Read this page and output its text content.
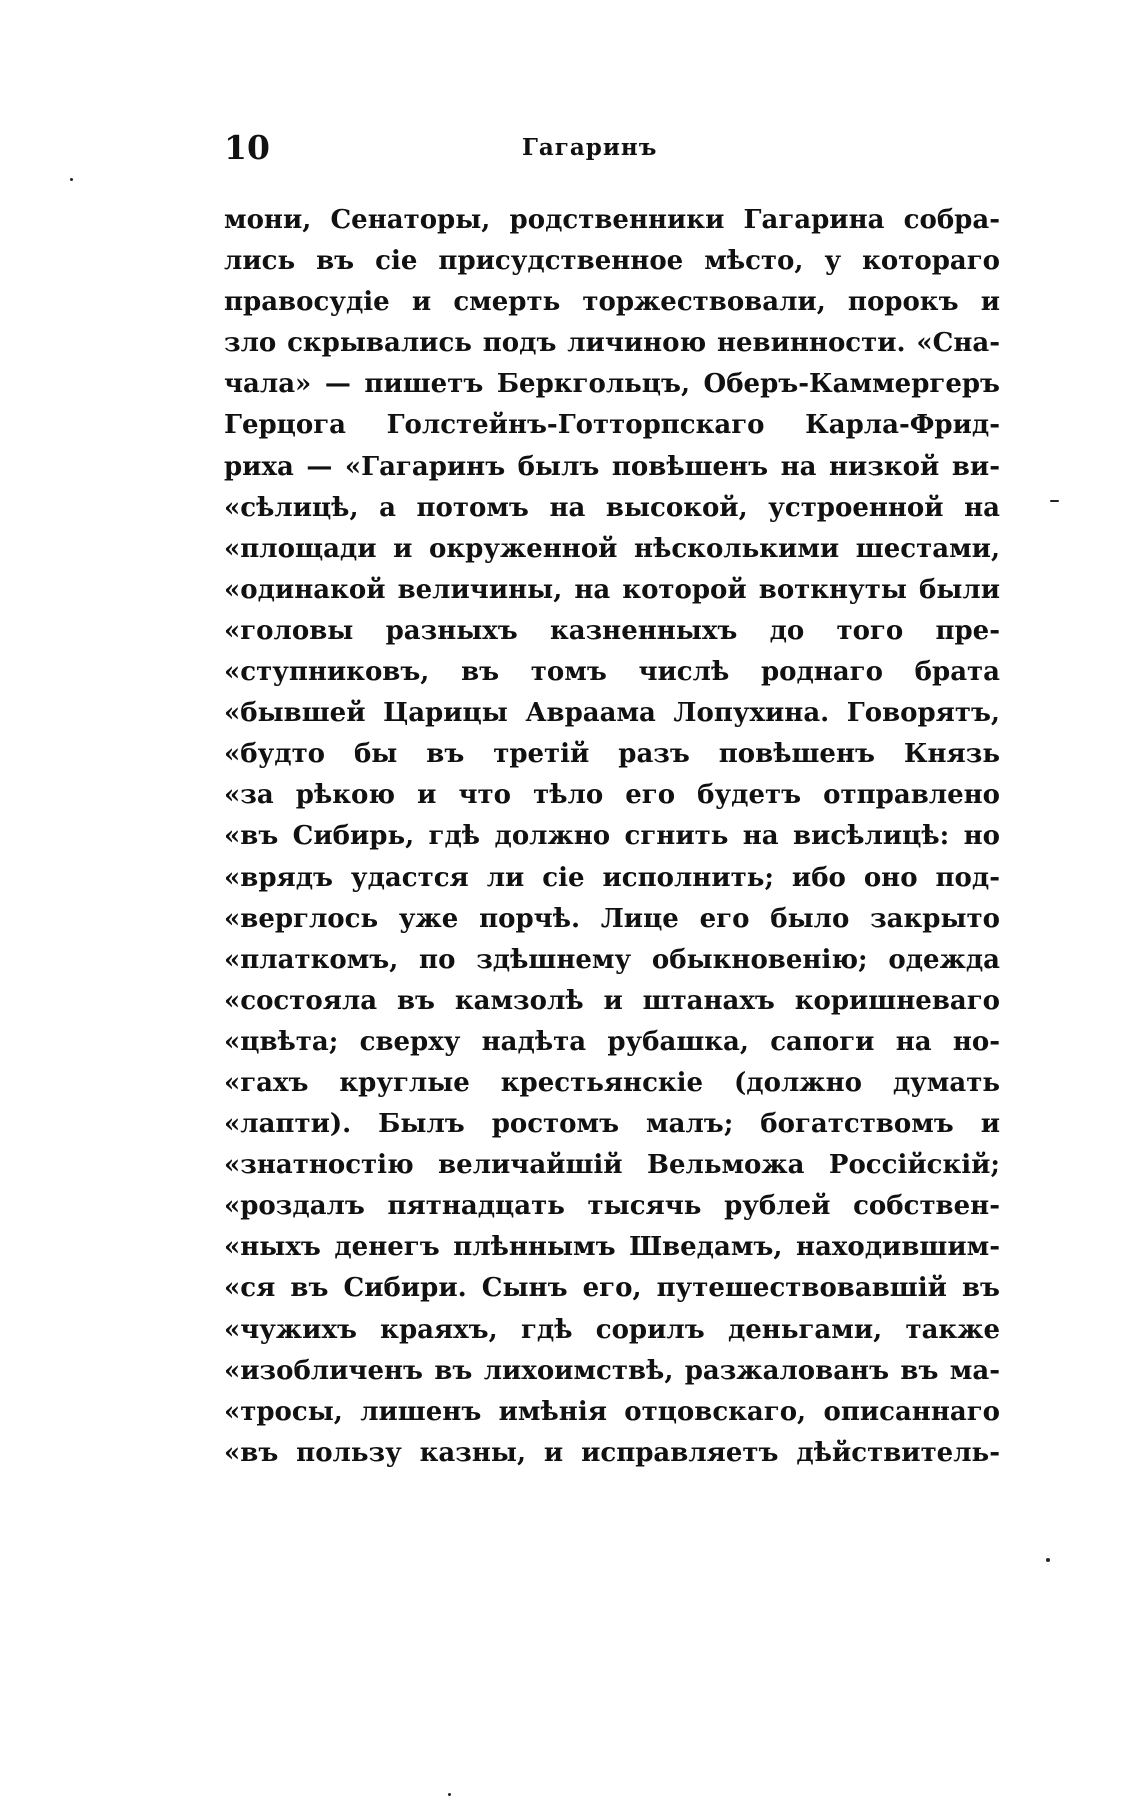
10	Гагаринъ
мони, Сенаторы, родственники Гагарина собра-
лись въ сіе присудственное мѣсто, у котораго
правосудіе и смерть торжествовали, порокъ и
зло скрывались подъ личиною невинности. «Сна-
чала» — пишетъ Беркгольцъ, Оберъ-Каммергеръ
Герцога Голстейнъ-Готторпскаго Карла-Фрид-
риха — «Гагаринъ былъ повѣшенъ на низкой ви-
«сѣлицѣ, а потомъ на высокой, устроенной на
«площади и окруженной нѣсколькими шестами,
«одинакой величины, на которой воткнуты были
«головы разныхъ казненныхъ до того пре-
«ступниковъ, въ томъ числѣ роднаго брата
«бывшей Царицы Авраама Лопухина. Говорятъ,
«будто бы въ третій разъ повѣшенъ Князь
«за рѣкою и что тѣло его будетъ отправлено
«въ Сибирь, гдѣ должно сгнить на висѣлицѣ: но
«врядъ удастся ли сіе исполнить; ибо оно под-
«верглось уже порчѣ. Лице его было закрыто
«платкомъ, по здѣшнему обыкновенію; одежда
«состояла въ камзолѣ и штанахъ коришневаго
«цвѣта; сверху надѣта рубашка, сапоги на но-
«гахъ круглые крестьянскіе (должно думать
«лапти). Былъ ростомъ малъ; богатствомъ и
«знатностію величайшій Вельможа Россійскій;
«роздалъ пятнадцать тысячь рублей собствен-
«ныхъ денегъ плѣннымъ Шведамъ, находившим-
«ся въ Сибири. Сынъ его, путешествовавшій въ
«чужихъ краяхъ, гдѣ сорилъ деньгами, также
«изобличенъ въ лихоимствѣ, разжалованъ въ ма-
«тросы, лишенъ имѣнія отцовскаго, описаннаго
«въ пользу казны, и исправляетъ дѣйствитель-
